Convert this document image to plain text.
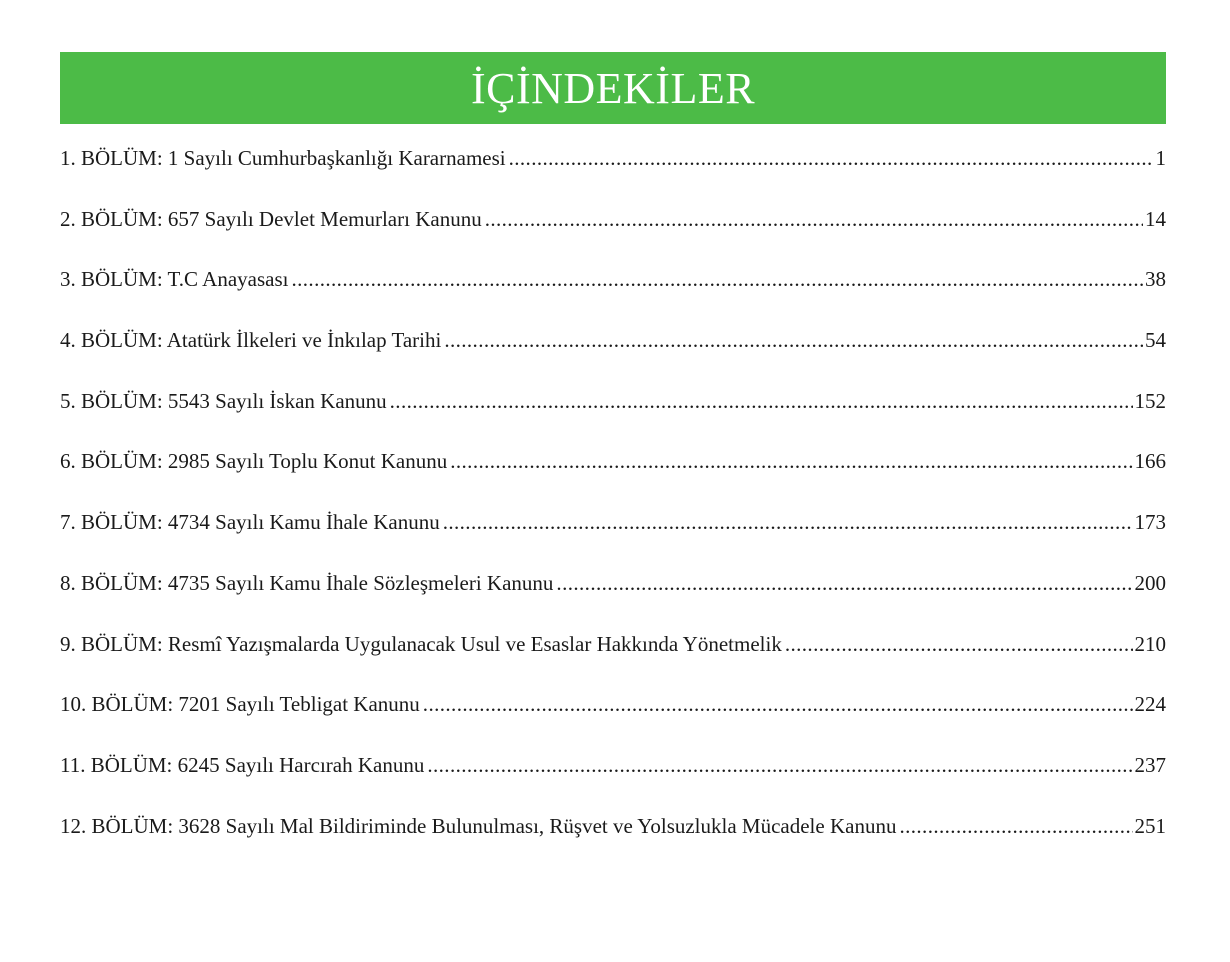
İÇİNDEKİLER
1. BÖLÜM: 1 Sayılı Cumhurbaşkanlığı Kararnamesi .....	1
2. BÖLÜM: 657 Sayılı Devlet Memurları Kanunu .....	14
3. BÖLÜM: T.C Anayasası .....	38
4. BÖLÜM: Atatürk İlkeleri ve İnkılap Tarihi .....	54
5. BÖLÜM: 5543 Sayılı İskan Kanunu .....	152
6. BÖLÜM: 2985 Sayılı Toplu Konut Kanunu .....	166
7. BÖLÜM: 4734 Sayılı Kamu İhale Kanunu .....	173
8. BÖLÜM: 4735 Sayılı Kamu İhale Sözleşmeleri Kanunu .....	200
9. BÖLÜM: Resmî Yazışmalarda Uygulanacak Usul ve Esaslar Hakkında Yönetmelik .....	210
10. BÖLÜM: 7201 Sayılı Tebligat Kanunu .....	224
11. BÖLÜM: 6245 Sayılı Harcırah Kanunu .....	237
12. BÖLÜM: 3628 Sayılı Mal Bildiriminde Bulunulması, Rüşvet ve Yolsuzlukla Mücadele Kanunu .....	251
